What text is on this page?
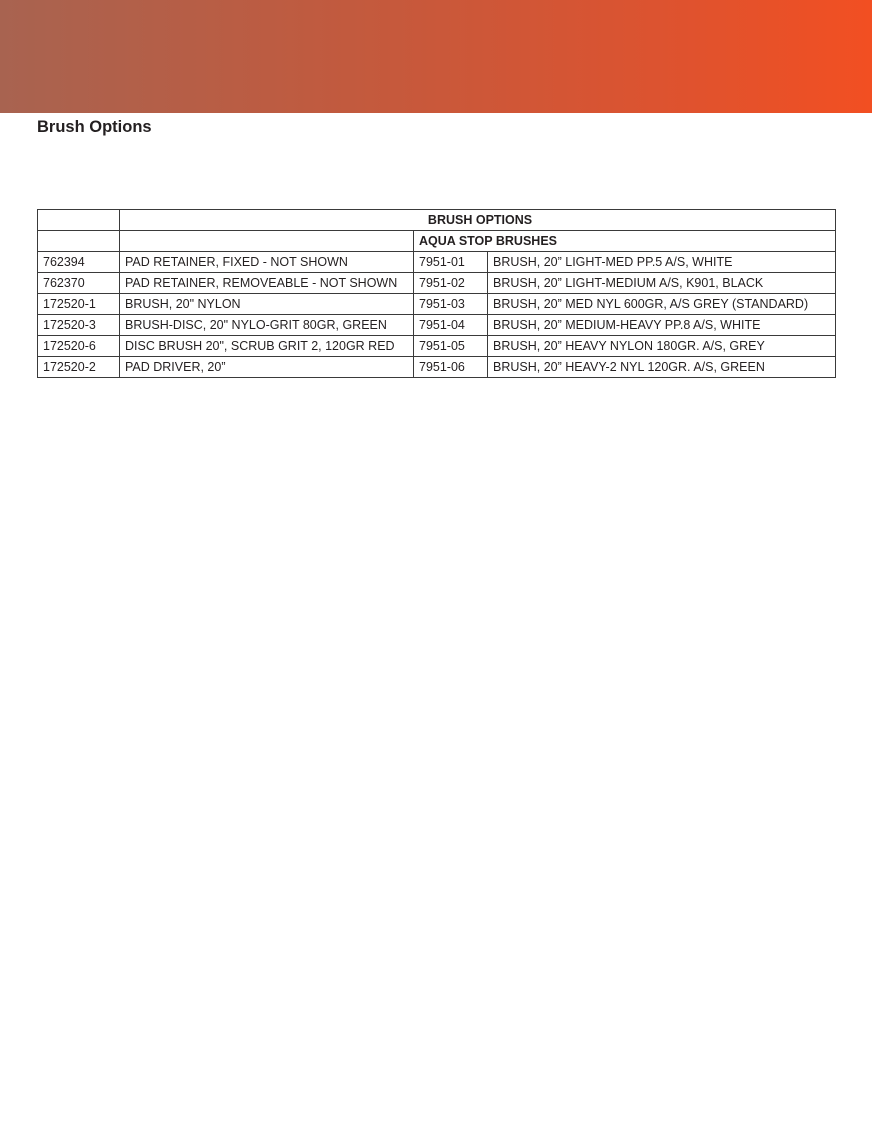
Brush Options
	BRUSH OPTIONS		
		AQUA STOP BRUSHES	
762394	PAD RETAINER, FIXED - NOT SHOWN	7951-01	BRUSH, 20” LIGHT-MED PP.5 A/S, WHITE
762370	PAD RETAINER, REMOVEABLE - NOT SHOWN	7951-02	BRUSH, 20” LIGHT-MEDIUM A/S, K901, BLACK
172520-1	BRUSH, 20" NYLON	7951-03	BRUSH, 20” MED NYL 600GR, A/S GREY (STANDARD)
172520-3	BRUSH-DISC, 20" NYLO-GRIT 80GR, GREEN	7951-04	BRUSH, 20” MEDIUM-HEAVY PP.8 A/S, WHITE
172520-6	DISC BRUSH 20", SCRUB GRIT 2, 120GR RED	7951-05	BRUSH, 20” HEAVY NYLON 180GR. A/S, GREY
172520-2	PAD DRIVER, 20”	7951-06	BRUSH, 20” HEAVY-2 NYL 120GR. A/S, GREEN
